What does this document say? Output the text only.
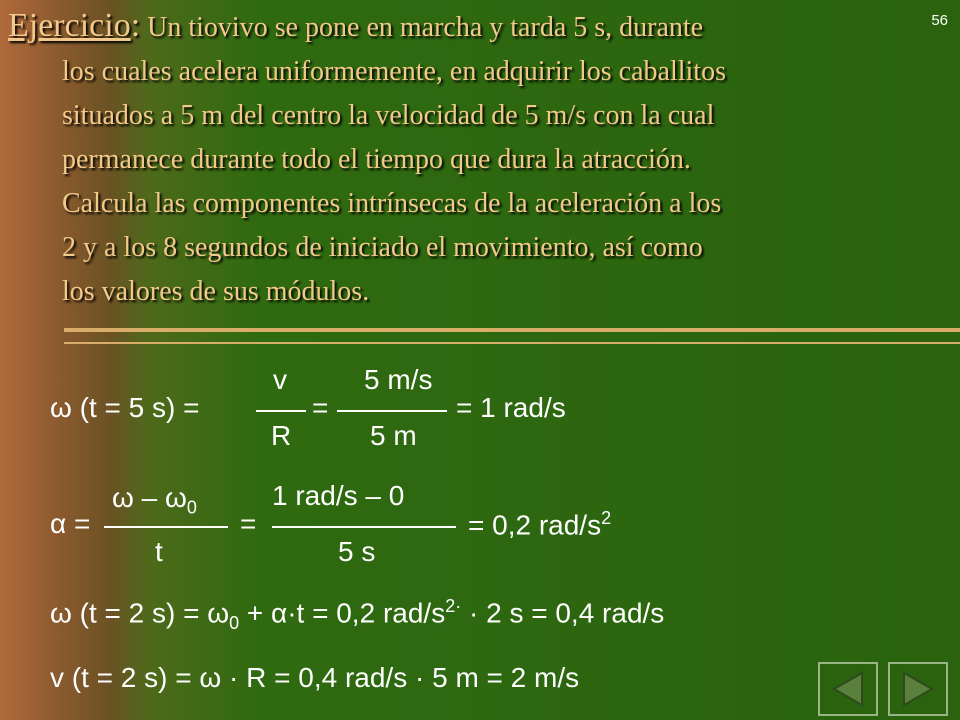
56
Ejercicio: Un tiovivo se pone en marcha y tarda 5 s, durante
los cuales acelera uniformemente, en adquirir los caballitos
situados a 5 m del centro la velocidad de 5 m/s con la cual
permanece durante todo el tiempo que dura la atracción.
Calcula las componentes intrínsecas de la aceleración a los
2 y a los 8 segundos de iniciado el movimiento, así como
los valores de sus módulos.
ω (t = 5 s) =
v
R
=
5 m/s
5 m
= 1 rad/s
α =
ω – $\omega_0$
t
=
1 rad/s – 0
5 s
= 0,2 rad/$s^2$
ω (t = 2 $s) = \omega_0 + \alpha\cdot t = 0,2$ rad/$s^{2\cdot} \cdot 2$ s = 0,4 rad/s
v (t = 2 s) = ω · R = 0,4 rad/s · 5 m = 2 m/s
